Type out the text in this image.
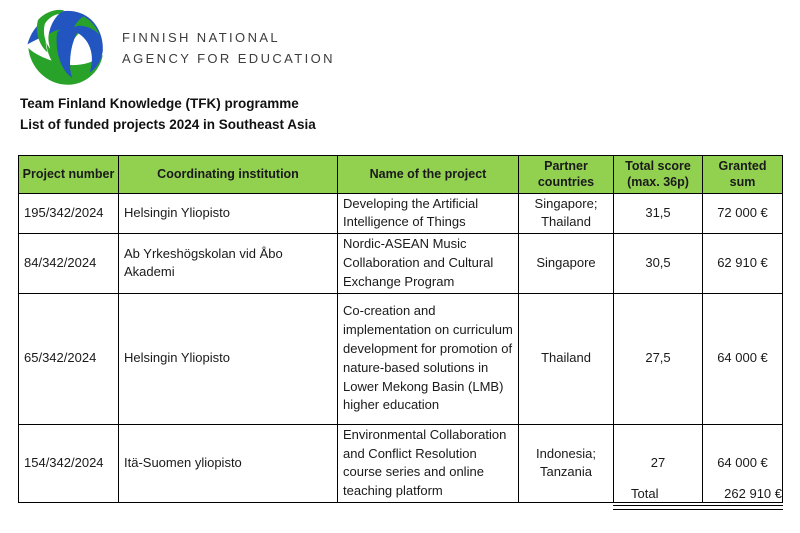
FINNISH NATIONAL
AGENCY FOR EDUCATION
Team Finland Knowledge (TFK) programme
List of funded projects 2024 in Southeast Asia
Project number	Coordinating institution	Name of the project	Partner countries	Total score (max. 36p)	Granted sum
195/342/2024	Helsingin Yliopisto	Developing the Artificial Intelligence of Things	Singapore; Thailand	31,5	72 000 €
84/342/2024	Ab Yrkeshögskolan vid Åbo Akademi	Nordic-ASEAN Music Collaboration and Cultural Exchange Program	Singapore	30,5	62 910 €
65/342/2024	Helsingin Yliopisto	Co-creation and implementation on curriculum development for promotion of nature-based solutions in Lower Mekong Basin (LMB) higher education	Thailand	27,5	64 000 €
154/342/2024	Itä-Suomen yliopisto	Environmental Collaboration and Conflict Resolution course series and online teaching platform	Indonesia; Tanzania	27	64 000 €
Total	262 910 €
